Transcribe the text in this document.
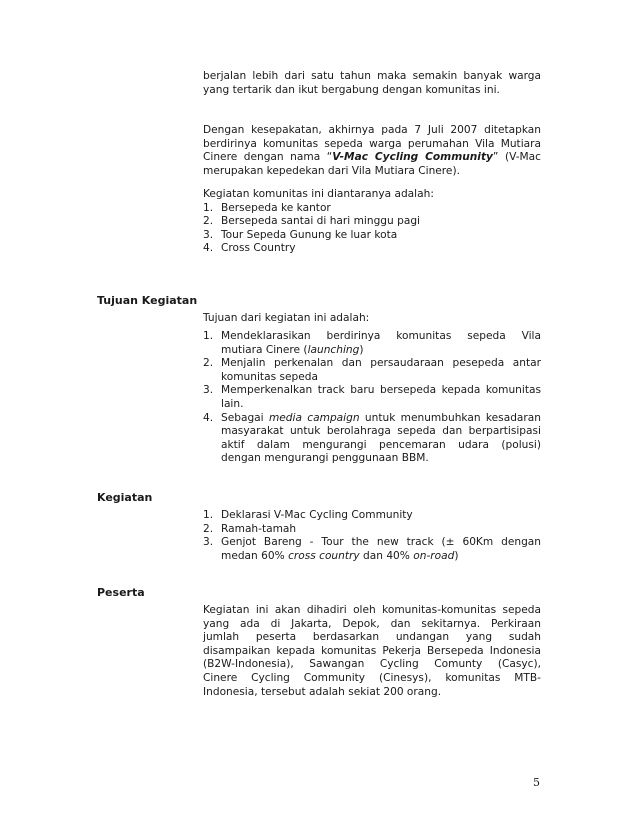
berjalan lebih dari satu tahun maka semakin banyak warga
yang tertarik dan ikut bergabung dengan komunitas ini.
Dengan kesepakatan, akhirnya pada 7 Juli 2007 ditetapkan
berdirinya komunitas sepeda warga perumahan Vila Mutiara
Cinere dengan nama “V-Mac Cycling Community” (V-Mac
merupakan kepedekan dari Vila Mutiara Cinere).
Kegiatan komunitas ini diantaranya adalah:
1. Bersepeda ke kantor
2. Bersepeda santai di hari minggu pagi
3. Tour Sepeda Gunung ke luar kota
4. Cross Country
Tujuan Kegiatan
Tujuan dari kegiatan ini adalah:
1. Mendeklarasikan berdirinya komunitas sepeda Vila
mutiara Cinere (launching)
2. Menjalin perkenalan dan persaudaraan pesepeda antar
komunitas sepeda
3. Memperkenalkan track baru bersepeda kepada komunitas
lain.
4. Sebagai media campaign untuk menumbuhkan kesadaran
masyarakat untuk berolahraga sepeda dan berpartisipasi
aktif dalam mengurangi pencemaran udara (polusi)
dengan mengurangi penggunaan BBM.
Kegiatan
1. Deklarasi V-Mac Cycling Community
2. Ramah-tamah
3. Genjot Bareng - Tour the new track (± 60Km dengan
medan 60% cross country dan 40% on-road)
Peserta
Kegiatan ini akan dihadiri oleh komunitas-komunitas sepeda
yang ada di Jakarta, Depok, dan sekitarnya. Perkiraan
jumlah peserta berdasarkan undangan yang sudah
disampaikan kepada komunitas Pekerja Bersepeda Indonesia
(B2W-Indonesia), Sawangan Cycling Comunty (Casyc),
Cinere Cycling Community (Cinesys), komunitas MTB-
Indonesia, tersebut adalah sekiat 200 orang.
5
